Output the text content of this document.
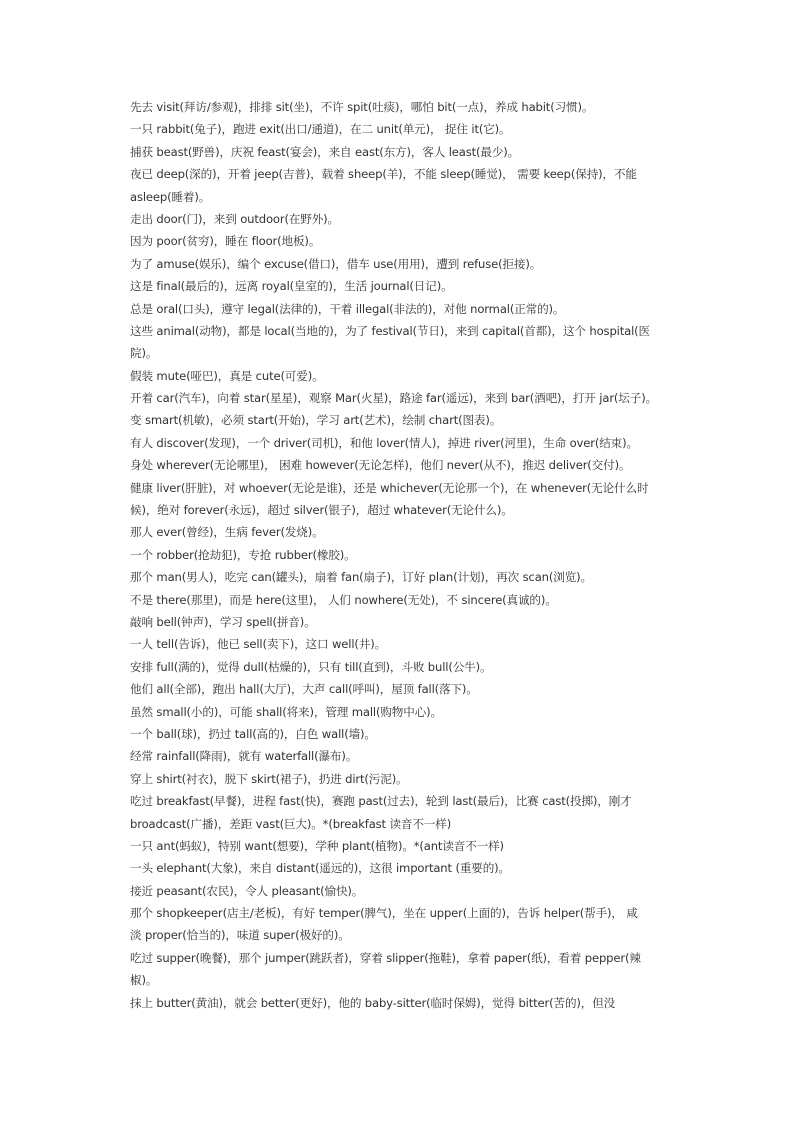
先去 visit(拜访/参观)，排排 sit(坐)，不许 spit(吐痰)，哪怕 bit(一点)，养成 habit(习惯)。
一只 rabbit(兔子)，跑进 exit(出口/通道)，在二 unit(单元)， 捉住 it(它)。
捕获 beast(野兽)，庆祝 feast(宴会)，来自 east(东方)，客人 least(最少)。
夜已 deep(深的)，开着 jeep(吉普)，载着 sheep(羊)，不能 sleep(睡觉)， 需要 keep(保持)，不能
asleep(睡着)。
走出 door(门)，来到 outdoor(在野外)。
因为 poor(贫穷)，睡在 floor(地板)。
为了 amuse(娱乐)，编个 excuse(借口)，借车 use(用用)，遭到 refuse(拒接)。
这是 final(最后的)，远离 royal(皇室的)，生活 journal(日记)。
总是 oral(口头)，遵守 legal(法律的)，干着 illegal(非法的)，对他 normal(正常的)。
这些 animal(动物)，都是 local(当地的)，为了 festival(节日)，来到 capital(首都)，这个 hospital(医
院)。
假装 mute(哑巴)，真是 cute(可爱)。
开着 car(汽车)，向着 star(星星)，观察 Mar(火星)，路途 far(遥远)，来到 bar(酒吧)，打开 jar(坛子)。
变 smart(机敏)，必须 start(开始)，学习 art(艺术)，绘制 chart(图表)。
有人 discover(发现)，一个 driver(司机)，和他 lover(情人)，掉进 river(河里)，生命 over(结束)。
身处 wherever(无论哪里)， 困难 however(无论怎样)，他们 never(从不)，推迟 deliver(交付)。
健康 liver(肝脏)，对 whoever(无论是谁)，还是 whichever(无论那一个)，在 whenever(无论什么时
候)，绝对 forever(永远)，超过 silver(银子)，超过 whatever(无论什么)。
那人 ever(曾经)，生病 fever(发烧)。
一个 robber(抢劫犯)，专抢 rubber(橡胶)。
那个 man(男人)，吃完 can(罐头)，扇着 fan(扇子)，订好 plan(计划)，再次 scan(浏览)。
不是 there(那里)，而是 here(这里)， 人们 nowhere(无处)，不 sincere(真诚的)。
敲响 bell(钟声)，学习 spell(拼音)。
一人 tell(告诉)，他已 sell(卖下)，这口 well(井)。
安排 full(满的)，觉得 dull(枯燥的)，只有 till(直到)，斗败 bull(公牛)。
他们 all(全部)，跑出 hall(大厅)，大声 call(呼叫)，屋顶 fall(落下)。
虽然 small(小的)，可能 shall(将来)，管理 mall(购物中心)。
一个 ball(球)，扔过 tall(高的)，白色 wall(墙)。
经常 rainfall(降雨)，就有 waterfall(瀑布)。
穿上 shirt(衬衣)，脱下 skirt(裙子)，扔进 dirt(污泥)。
吃过 breakfast(早餐)，进程 fast(快)，赛跑 past(过去)，轮到 last(最后)，比赛 cast(投掷)，刚才
broadcast(广播)，差距 vast(巨大)。*(breakfast 读音不一样)
一只 ant(蚂蚁)，特别 want(想要)，学种 plant(植物)。*(ant读音不一样)
一头 elephant(大象)，来自 distant(遥远的)，这很 important (重要的)。
接近 peasant(农民)，令人 pleasant(愉快)。
那个 shopkeeper(店主/老板)，有好 temper(脾气)，坐在 upper(上面的)，告诉 helper(帮手)， 咸
淡 proper(恰当的)，味道 super(极好的)。
吃过 supper(晚餐)，那个 jumper(跳跃者)，穿着 slipper(拖鞋)，拿着 paper(纸)，看着 pepper(辣
椒)。
抹上 butter(黄油)，就会 better(更好)，他的 baby-sitter(临时保姆)，觉得 bitter(苦的)，但没
